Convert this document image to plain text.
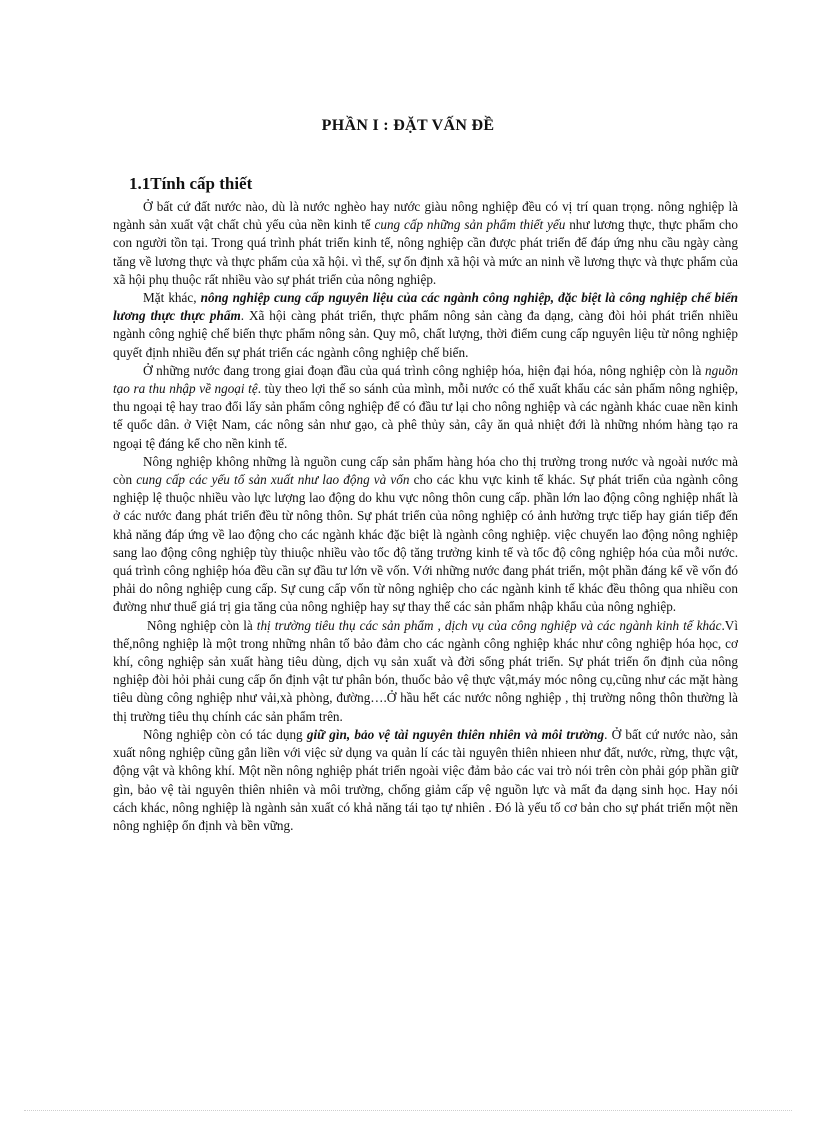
PHẦN I : ĐẶT VẤN ĐỀ
1.1Tính cấp thiết

Ở bất cứ đất nước nào, dù là nước nghèo hay nước giàu nông nghiệp đều có vị trí quan trọng. nông nghiệp là ngành sản xuất vật chất chủ yếu của nền kinh tế cung cấp những sản phẩm thiết yếu như lương thực, thực phẩm cho con người tồn tại. Trong quá trình phát triển kinh tế, nông nghiệp cần được phát triển để đáp ứng nhu cầu ngày càng tăng về lương thực và thực phẩm của xã hội. vì thế, sự ổn định xã hội và mức an ninh về lương thực và thực phẩm của xã hội phụ thuộc rất nhiều vào sự phát triển của nông nghiệp.

Mặt khác, nông nghiệp cung cấp nguyên liệu của các ngành công nghiệp, đặc biệt là công nghiệp chế biến lương thực thực phẩm. Xã hội càng phát triển, thực phẩm nông sản càng đa dạng, càng đòi hỏi phát triển nhiều ngành công nghiệ chế biến thực phẩm nông sản. Quy mô, chất lượng, thời điểm cung cấp nguyên liệu từ nông nghiệp quyết định nhiều đến sự phát triển các ngành công nghiệp chế biến.

Ở những nước đang trong giai đoạn đầu của quá trình công nghiệp hóa, hiện đại hóa, nông nghiệp còn là nguồn tạo ra thu nhập về ngoại tệ. tùy theo lợi thế so sánh của mình, mỗi nước có thể xuất khẩu các sản phẩm nông nghiệp, thu ngoại tệ hay trao đổi lấy sản phẩm công nghiệp để có đầu tư lại cho nông nghiệp và các ngành khác cuae nền kinh tế quốc dân. ở Việt Nam, các nông sản như gạo, cà phê thủy sản, cây ăn quả nhiệt đới là những nhóm hàng tạo ra ngoại tệ đáng kể cho nền kinh tế.

Nông nghiệp không những là nguồn cung cấp sản phẩm hàng hóa cho thị trường trong nước và ngoài nước mà còn cung cấp các yếu tố sản xuất như lao động và vốn cho các khu vực kinh tế khác. Sự phát triển của ngành công nghiệp lệ thuộc nhiều vào lực lượng lao động do khu vực nông thôn cung cấp. phần lớn lao động công nghiệp nhất là ở các nước đang phát triển đều từ nông thôn. Sự phát triển của nông nghiệp có ảnh hưởng trực tiếp hay gián tiếp đến khả năng đáp ứng về lao động cho các ngành khác đặc biệt là ngành công nghiệp. việc chuyển lao động nông nghiệp sang lao động công nghiệp tùy thiuộc nhiều vào tốc độ tăng trưởng kinh tế và tốc độ công nghiệp hóa của mỗi nước. quá trình công nghiệp hóa đều cần sự đầu tư lớn về vốn. Với những nước đang phát triển, một phần đáng kể về vốn đó phải do nông nghiệp cung cấp. Sự cung cấp vốn từ nông nghiệp cho các ngành kinh tế khác đều thông qua nhiều con đường như thuế giá trị gia tăng của nông nghiệp hay sự thay thế các sản phẩm nhập khẩu của nông nghiệp.

Nông nghiệp còn là thị trường tiêu thụ các sản phẩm , dịch vụ của công nghiệp và các ngành kinh tế khác.Vì thế,nông nghiệp là một trong những nhân tố bảo đảm cho các ngành công nghiệp khác như công nghiệp hóa học, cơ khí, công nghiệp sản xuất hàng tiêu dùng, dịch vụ sản xuất và đời sống phát triển. Sự phát triển ổn định của nông nghiệp đòi hỏi phải cung cấp ổn định vật tư phân bón, thuốc bảo vệ thực vật,máy móc nông cụ,cũng như các mặt hàng tiêu dùng công nghiệp như vải,xà phòng, đường….Ở hầu hết các nước nông nghiệp , thị trường nông thôn thường là thị trường tiêu thụ chính các sản phẩm trên.

Nông nghiệp còn có tác dụng giữ gìn, bảo vệ tài nguyên thiên nhiên và môi trường. Ở bất cứ nước nào, sản xuất nông nghiệp cũng gắn liền với việc sử dụng va quản lí các tài nguyên thiên nhieen như đất, nước, rừng, thực vật, động vật và không khí. Một nền nông nghiệp phát triển ngoài việc đảm bảo các vai trò nói trên còn phải góp phần giữ gìn, bảo vệ tài nguyên thiên nhiên và môi trường, chống giảm cấp vệ nguồn lực và mất đa dạng sinh học. Hay nói cách khác, nông nghiệp là ngành sản xuất có khả năng tái tạo tự nhiên . Đó là yếu tố cơ bản cho sự phát triển một nền nông nghiệp ổn định và bền vững.
